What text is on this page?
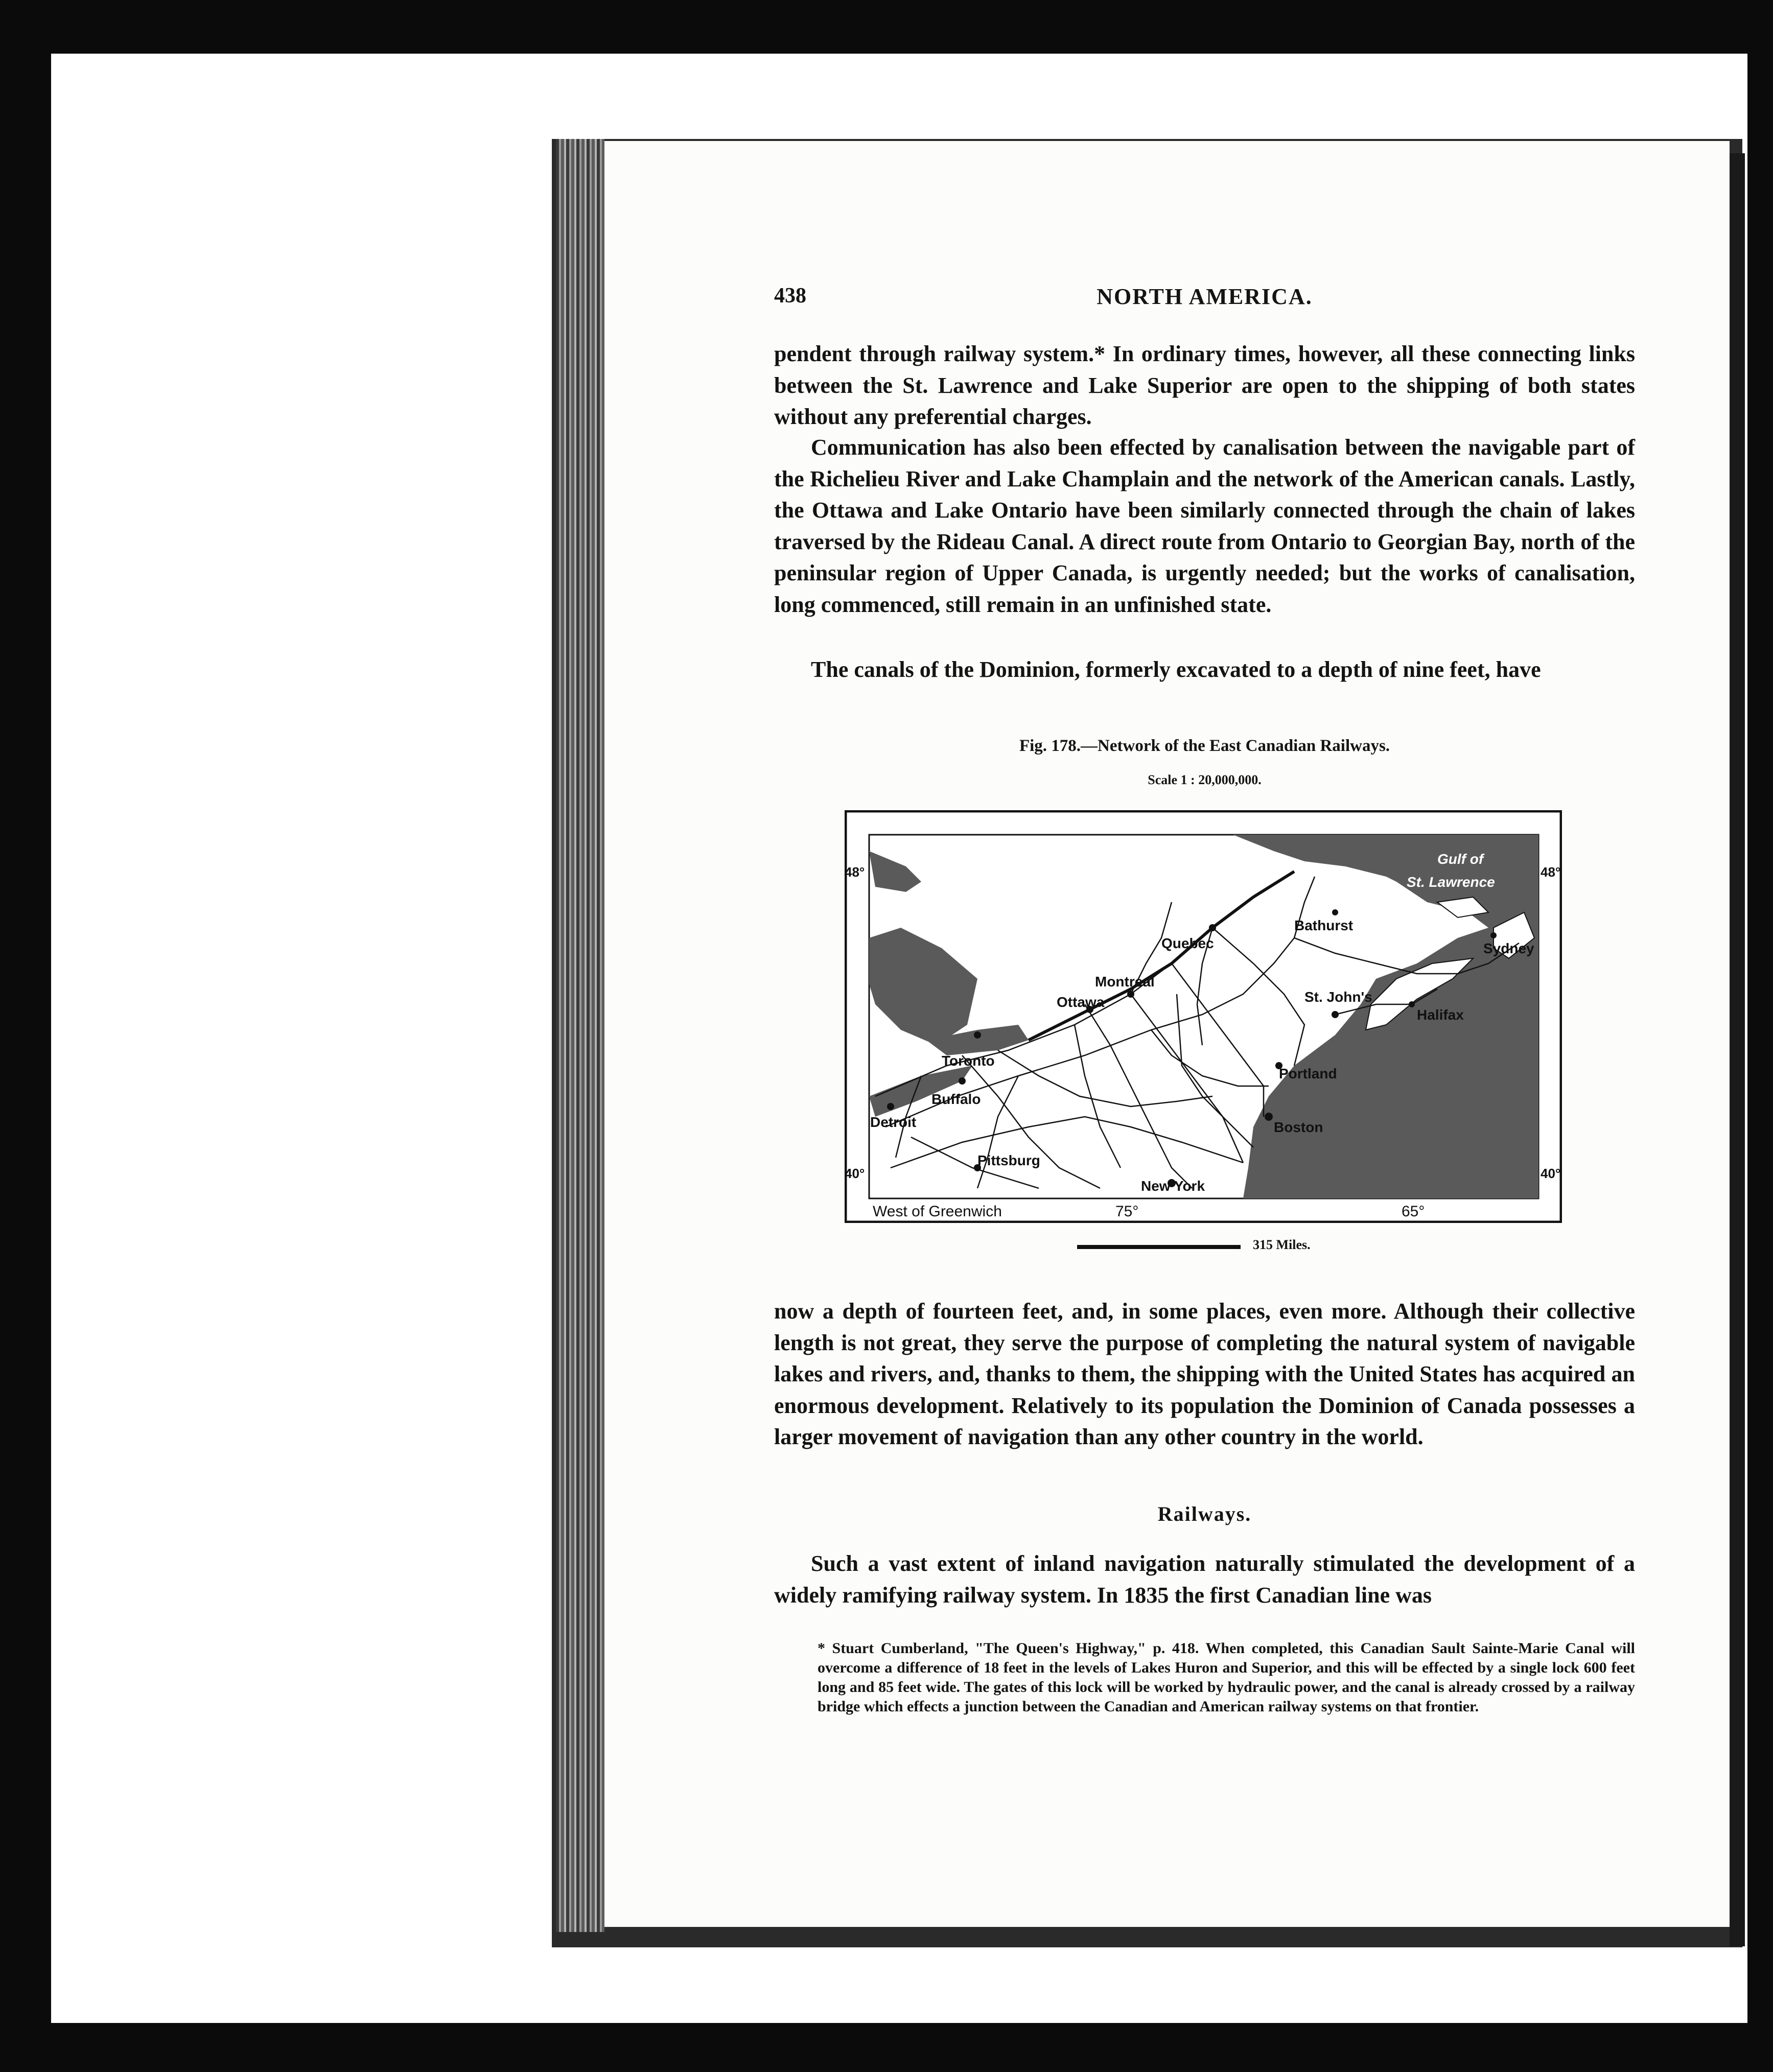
438	NORTH AMERICA.

pendent through railway system.* In ordinary times, however, all these connecting links between the St. Lawrence and Lake Superior are open to the shipping of both states without any preferential charges.

Communication has also been effected by canalisation between the navigable part of the Richelieu River and Lake Champlain and the network of the American canals. Lastly, the Ottawa and Lake Ontario have been similarly connected through the chain of lakes traversed by the Rideau Canal. A direct route from Ontario to Georgian Bay, north of the peninsular region of Upper Canada, is urgently needed; but the works of canalisation, long commenced, still remain in an unfinished state.

The canals of the Dominion, formerly excavated to a depth of nine feet, have

Fig. 178.—Network of the East Canadian Railways.
Scale 1 : 20,000,000.
Gulf of
St. Lawrence
48°	48°
40°	40°
West of Greenwich	75°	65°
Quebec
Bathurst
Sydney
Montreal
Ottawa	St. John's
Halifax
Toronto
Portland
Buffalo
Detroit	Boston
Pittsburg
New York
315 Miles.

now a depth of fourteen feet, and, in some places, even more. Although their collective length is not great, they serve the purpose of completing the natural system of navigable lakes and rivers, and, thanks to them, the shipping with the United States has acquired an enormous development. Relatively to its population the Dominion of Canada possesses a larger movement of navigation than any other country in the world.

Railways.

Such a vast extent of inland navigation naturally stimulated the development of a widely ramifying railway system. In 1835 the first Canadian line was

* Stuart Cumberland, "The Queen's Highway," p. 418. When completed, this Canadian Sault Sainte-Marie Canal will overcome a difference of 18 feet in the levels of Lakes Huron and Superior, and this will be effected by a single lock 600 feet long and 85 feet wide. The gates of this lock will be worked by hydraulic power, and the canal is already crossed by a railway bridge which effects a junction between the Canadian and American railway systems on that frontier.
